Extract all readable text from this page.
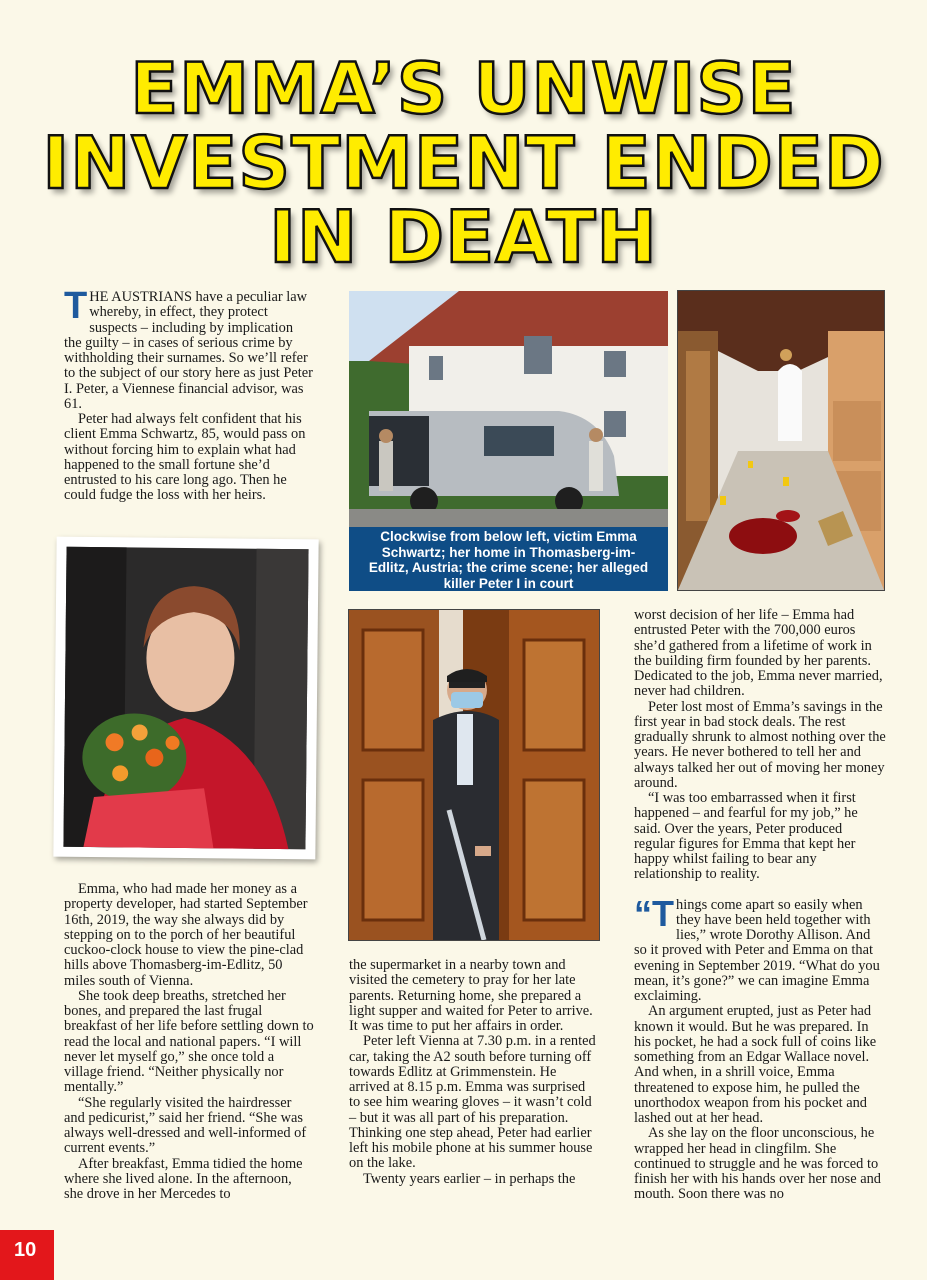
EMMA’S UNWISE
INVESTMENT ENDED
IN DEATH

THE AUSTRIANS have a peculiar law whereby, in effect, they protect suspects – including by implication the guilty – in cases of serious crime by withholding their surnames. So we’ll refer to the subject of our story here as just Peter I. Peter, a Viennese financial advisor, was 61.

Peter had always felt confident that his client Emma Schwartz, 85, would pass on without forcing him to explain what had happened to the small fortune she’d entrusted to his care long ago. Then he could fudge the loss with her heirs.

Emma, who had made her money as a property developer, had started September 16th, 2019, the way she always did by stepping on to the porch of her beautiful cuckoo-clock house to view the pine-clad hills above Thomasberg-im-Edlitz, 50 miles south of Vienna.

She took deep breaths, stretched her bones, and prepared the last frugal breakfast of her life before settling down to read the local and national papers. “I will never let myself go,” she once told a village friend. “Neither physically nor mentally.”

“She regularly visited the hairdresser and pedicurist,” said her friend. “She was always well-dressed and well-informed of current events.”

After breakfast, Emma tidied the home where she lived alone. In the afternoon, she drove in her Mercedes to

Clockwise from below left, victim Emma
Schwartz; her home in Thomasberg-im-
Edlitz, Austria; the crime scene; her alleged
killer Peter I in court

the supermarket in a nearby town and visited the cemetery to pray for her late parents. Returning home, she prepared a light supper and waited for Peter to arrive. It was time to put her affairs in order.

Peter left Vienna at 7.30 p.m. in a rented car, taking the A2 south before turning off towards Edlitz at Grimmenstein. He arrived at 8.15 p.m. Emma was surprised to see him wearing gloves – it wasn’t cold – but it was all part of his preparation. Thinking one step ahead, Peter had earlier left his mobile phone at his summer house on the lake.

Twenty years earlier – in perhaps the

worst decision of her life – Emma had entrusted Peter with the 700,000 euros she’d gathered from a lifetime of work in the building firm founded by her parents. Dedicated to the job, Emma never married, never had children.

Peter lost most of Emma’s savings in the first year in bad stock deals. The rest gradually shrunk to almost nothing over the years. He never bothered to tell her and always talked her out of moving her money around.

“I was too embarrassed when it first happened – and fearful for my job,” he said. Over the years, Peter produced regular figures for Emma that kept her happy whilst failing to bear any relationship to reality.

“Things come apart so easily when they have been held together with lies,” wrote Dorothy Allison. And so it proved with Peter and Emma on that evening in September 2019. “What do you mean, it’s gone?” we can imagine Emma exclaiming.

An argument erupted, just as Peter had known it would. But he was prepared. In his pocket, he had a sock full of coins like something from an Edgar Wallace novel. And when, in a shrill voice, Emma threatened to expose him, he pulled the unorthodox weapon from his pocket and lashed out at her head.

As she lay on the floor unconscious, he wrapped her head in clingfilm. She continued to struggle and he was forced to finish her with his hands over her nose and mouth. Soon there was no

10
